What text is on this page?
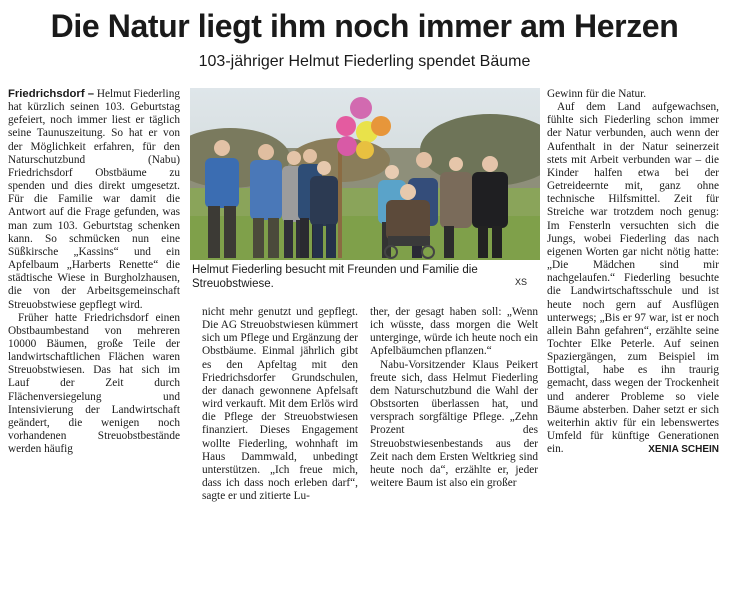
Die Natur liegt ihm noch immer am Herzen
103-jähriger Helmut Fiederling spendet Bäume

Friedrichsdorf – Helmut Fiederling hat kürzlich seinen 103. Geburtstag gefeiert, noch immer liest er täglich seine Taunuszeitung. So hat er von der Möglichkeit erfahren, für den Naturschutzbund (Nabu) Friedrichsdorf Obstbäume zu spenden und dies direkt umgesetzt. Für die Familie war damit die Antwort auf die Frage gefunden, was man zum 103. Geburtstag schenken kann. So schmücken nun eine Süßkirsche „Kassins“ und ein Apfelbaum „Harberts Renette“ die städtische Wiese in Burgholzhausen, die von der Arbeitsgemeinschaft Streuobstwiese gepflegt wird.

Früher hatte Friedrichsdorf einen Obstbaumbestand von mehreren 10000 Bäumen, große Teile der landwirtschaftlichen Flächen waren Streuobstwiesen. Das hat sich im Lauf der Zeit durch Flächenversiegelung und Intensivierung der Landwirtschaft geändert, die wenigen noch vorhandenen Streuobstbestände werden häufig

Helmut Fiederling besucht mit Freunden und Familie die Streuobstwiese.	XS

nicht mehr genutzt und gepflegt. Die AG Streuobstwiesen kümmert sich um Pflege und Ergänzung der Obstbäume. Einmal jährlich gibt es den Apfeltag mit den Friedrichsdorfer Grundschulen, der danach gewonnene Apfelsaft wird verkauft. Mit dem Erlös wird die Pflege der Streuobstwiesen finanziert. Dieses Engagement wollte Fiederling, wohnhaft im Haus Dammwald, unbedingt unterstützen. „Ich freue mich, dass ich dass noch erleben darf“, sagte er und zitierte Lu-

ther, der gesagt haben soll: „Wenn ich wüsste, dass morgen die Welt unterginge, würde ich heute noch ein Apfelbäumchen pflanzen.“

Nabu-Vorsitzender Klaus Peikert freute sich, dass Helmut Fiederling dem Naturschutzbund die Wahl der Obstsorten überlassen hat, und versprach sorgfältige Pflege. „Zehn Prozent des Streuobstwiesenbestands aus der Zeit nach dem Ersten Weltkrieg sind heute noch da“, erzählte er, jeder weitere Baum ist also ein großer

Gewinn für die Natur.

Auf dem Land aufgewachsen, fühlte sich Fiederling schon immer der Natur verbunden, auch wenn der Aufenthalt in der Natur seinerzeit stets mit Arbeit verbunden war – die Kinder halfen etwa bei der Getreideernte mit, ganz ohne technische Hilfsmittel. Zeit für Streiche war trotzdem noch genug: Im Fensterln versuchten sich die Jungs, wobei Fiederling das nach eigenen Worten gar nicht nötig hatte: „Die Mädchen sind mir nachgelaufen.“ Fiederling besuchte die Landwirtschaftsschule und ist heute noch gern auf Ausflügen unterwegs; „Bis er 97 war, ist er noch allein Bahn gefahren“, erzählte seine Tochter Elke Peterle. Auf seinen Spaziergängen, zum Beispiel im Bottigtal, habe es ihn traurig gemacht, dass wegen der Trockenheit und anderer Probleme so viele Bäume absterben. Daher setzt er sich weiterhin aktiv für ein lebenswertes Umfeld für künftige Generationen ein.	XENIA SCHEIN
